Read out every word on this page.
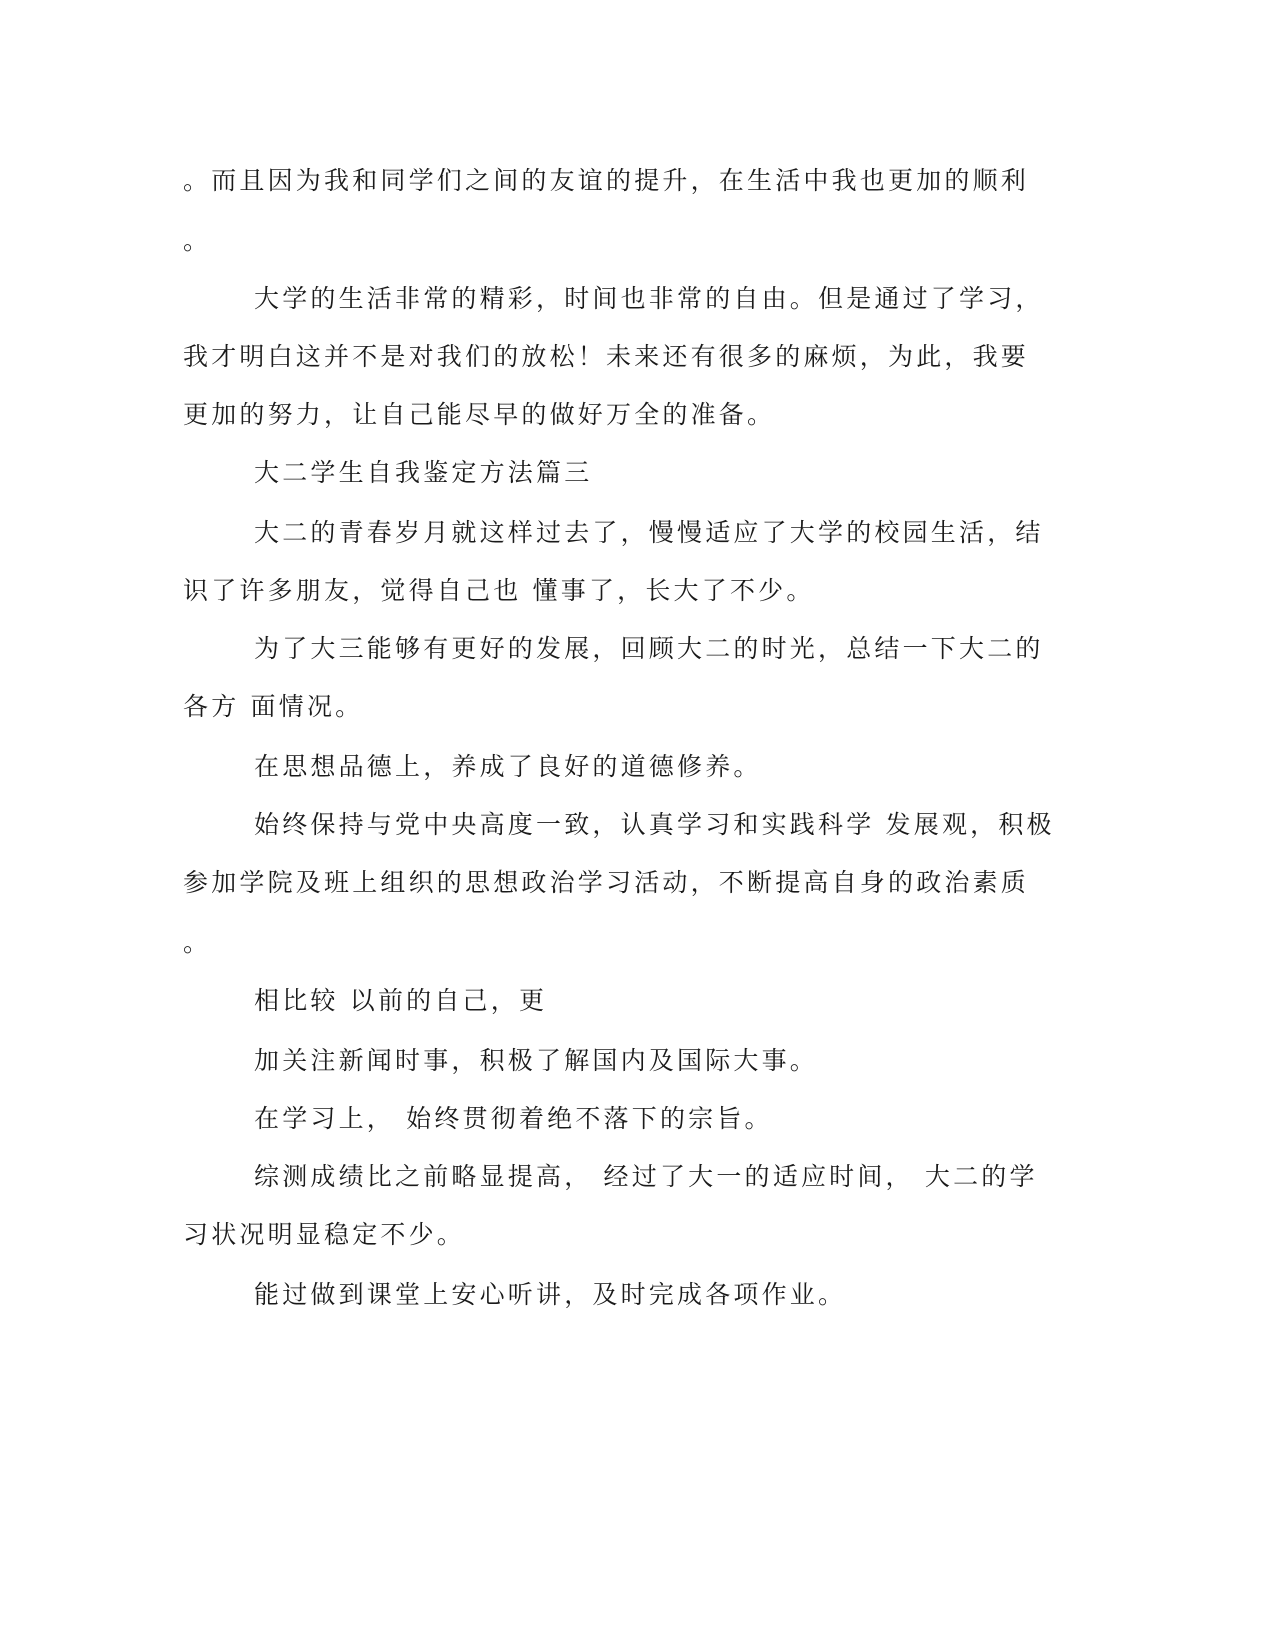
。而且因为我和同学们之间的友谊的提升，在生活中我也更加的顺利
。
大学的生活非常的精彩，时间也非常的自由。但是通过了学习，
我才明白这并不是对我们的放松！未来还有很多的麻烦，为此，我要
更加的努力，让自己能尽早的做好万全的准备。
大二学生自我鉴定方法篇三
大二的青春岁月就这样过去了，慢慢适应了大学的校园生活，结
识了许多朋友，觉得自己也 懂事了，长大了不少。
为了大三能够有更好的发展，回顾大二的时光，总结一下大二的
各方 面情况。
在思想品德上，养成了良好的道德修养。
始终保持与党中央高度一致，认真学习和实践科学 发展观，积极
参加学院及班上组织的思想政治学习活动，不断提高自身的政治素质
。
相比较 以前的自己，更
加关注新闻时事，积极了解国内及国际大事。
在学习上， 始终贯彻着绝不落下的宗旨。
综测成绩比之前略显提高， 经过了大一的适应时间， 大二的学
习状况明显稳定不少。
能过做到课堂上安心听讲，及时完成各项作业。
